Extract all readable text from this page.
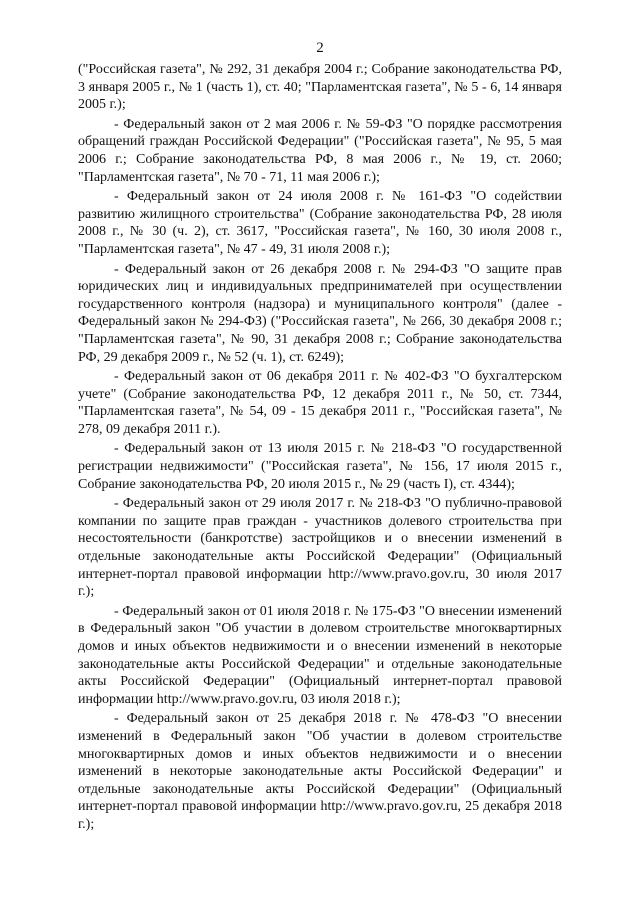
2

("Российская газета", № 292, 31 декабря 2004 г.; Собрание законодательства РФ, 3 января 2005 г., № 1 (часть 1), ст. 40; "Парламентская газета", № 5 - 6, 14 января 2005 г.);

- Федеральный закон от 2 мая 2006 г. № 59-ФЗ "О порядке рассмотрения обращений граждан Российской Федерации" ("Российская газета", № 95, 5 мая 2006 г.; Собрание законодательства РФ, 8 мая 2006 г., № 19, ст. 2060; "Парламентская газета", № 70 - 71, 11 мая 2006 г.);

- Федеральный закон от 24 июля 2008 г. № 161-ФЗ "О содействии развитию жилищного строительства" (Собрание законодательства РФ, 28 июля 2008 г., № 30 (ч. 2), ст. 3617, "Российская газета", № 160, 30 июля 2008 г., "Парламентская газета", № 47 - 49, 31 июля 2008 г.);

- Федеральный закон от 26 декабря 2008 г. № 294-ФЗ "О защите прав юридических лиц и индивидуальных предпринимателей при осуществлении государственного контроля (надзора) и муниципального контроля" (далее - Федеральный закон № 294-ФЗ) ("Российская газета", № 266, 30 декабря 2008 г.; "Парламентская газета", № 90, 31 декабря 2008 г.; Собрание законодательства РФ, 29 декабря 2009 г., № 52 (ч. 1), ст. 6249);

- Федеральный закон от 06 декабря 2011 г. № 402-ФЗ "О бухгалтерском учете" (Собрание законодательства РФ, 12 декабря 2011 г., № 50, ст. 7344, "Парламентская газета", № 54, 09 - 15 декабря 2011 г., "Российская газета", № 278, 09 декабря 2011 г.).

- Федеральный закон от 13 июля 2015 г. № 218-ФЗ "О государственной регистрации недвижимости" ("Российская газета", № 156, 17 июля 2015 г., Собрание законодательства РФ, 20 июля 2015 г., № 29 (часть I), ст. 4344);

- Федеральный закон от 29 июля 2017 г. № 218-ФЗ "О публично-правовой компании по защите прав граждан - участников долевого строительства при несостоятельности (банкротстве) застройщиков и о внесении изменений в отдельные законодательные акты Российской Федерации" (Официальный интернет-портал правовой информации http://www.pravo.gov.ru, 30 июля 2017 г.);

- Федеральный закон от 01 июля 2018 г. № 175-ФЗ "О внесении изменений в Федеральный закон "Об участии в долевом строительстве многоквартирных домов и иных объектов недвижимости и о внесении изменений в некоторые законодательные акты Российской Федерации" и отдельные законодательные акты Российской Федерации" (Официальный интернет-портал правовой информации http://www.pravo.gov.ru, 03 июля 2018 г.);

- Федеральный закон от 25 декабря 2018 г. № 478-ФЗ "О внесении изменений в Федеральный закон "Об участии в долевом строительстве многоквартирных домов и иных объектов недвижимости и о внесении изменений в некоторые законодательные акты Российской Федерации" и отдельные законодательные акты Российской Федерации" (Официальный интернет-портал правовой информации http://www.pravo.gov.ru, 25 декабря 2018 г.);
